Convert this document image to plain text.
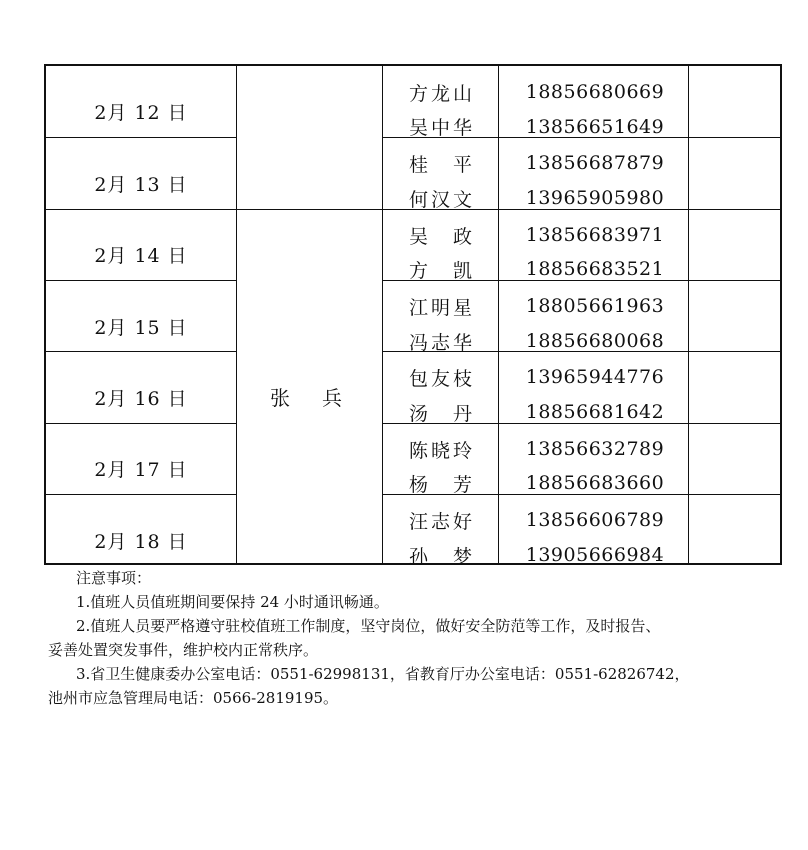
张　兵
2月 12 日
方龙山
吴中华
18856680669
13856651649
2月 13 日
桂　平
何汉文
13856687879
13965905980
2月 14 日
吴　政
方　凯
13856683971
18856683521
2月 15 日
江明星
冯志华
18805661963
18856680068
2月 16 日
包友枝
汤　丹
13965944776
18856681642
2月 17 日
陈晓玲
杨　芳
13856632789
18856683660
2月 18 日
汪志好
孙　梦
13856606789
13905666984

注意事项：

1.值班人员值班期间要保持 24 小时通讯畅通。

2.值班人员要严格遵守驻校值班工作制度，坚守岗位，做好安全防范等工作，及时报告、

妥善处置突发事件，维护校内正常秩序。

3.省卫生健康委办公室电话：0551-62998131，省教育厅办公室电话：0551-62826742，

池州市应急管理局电话：0566-2819195。
